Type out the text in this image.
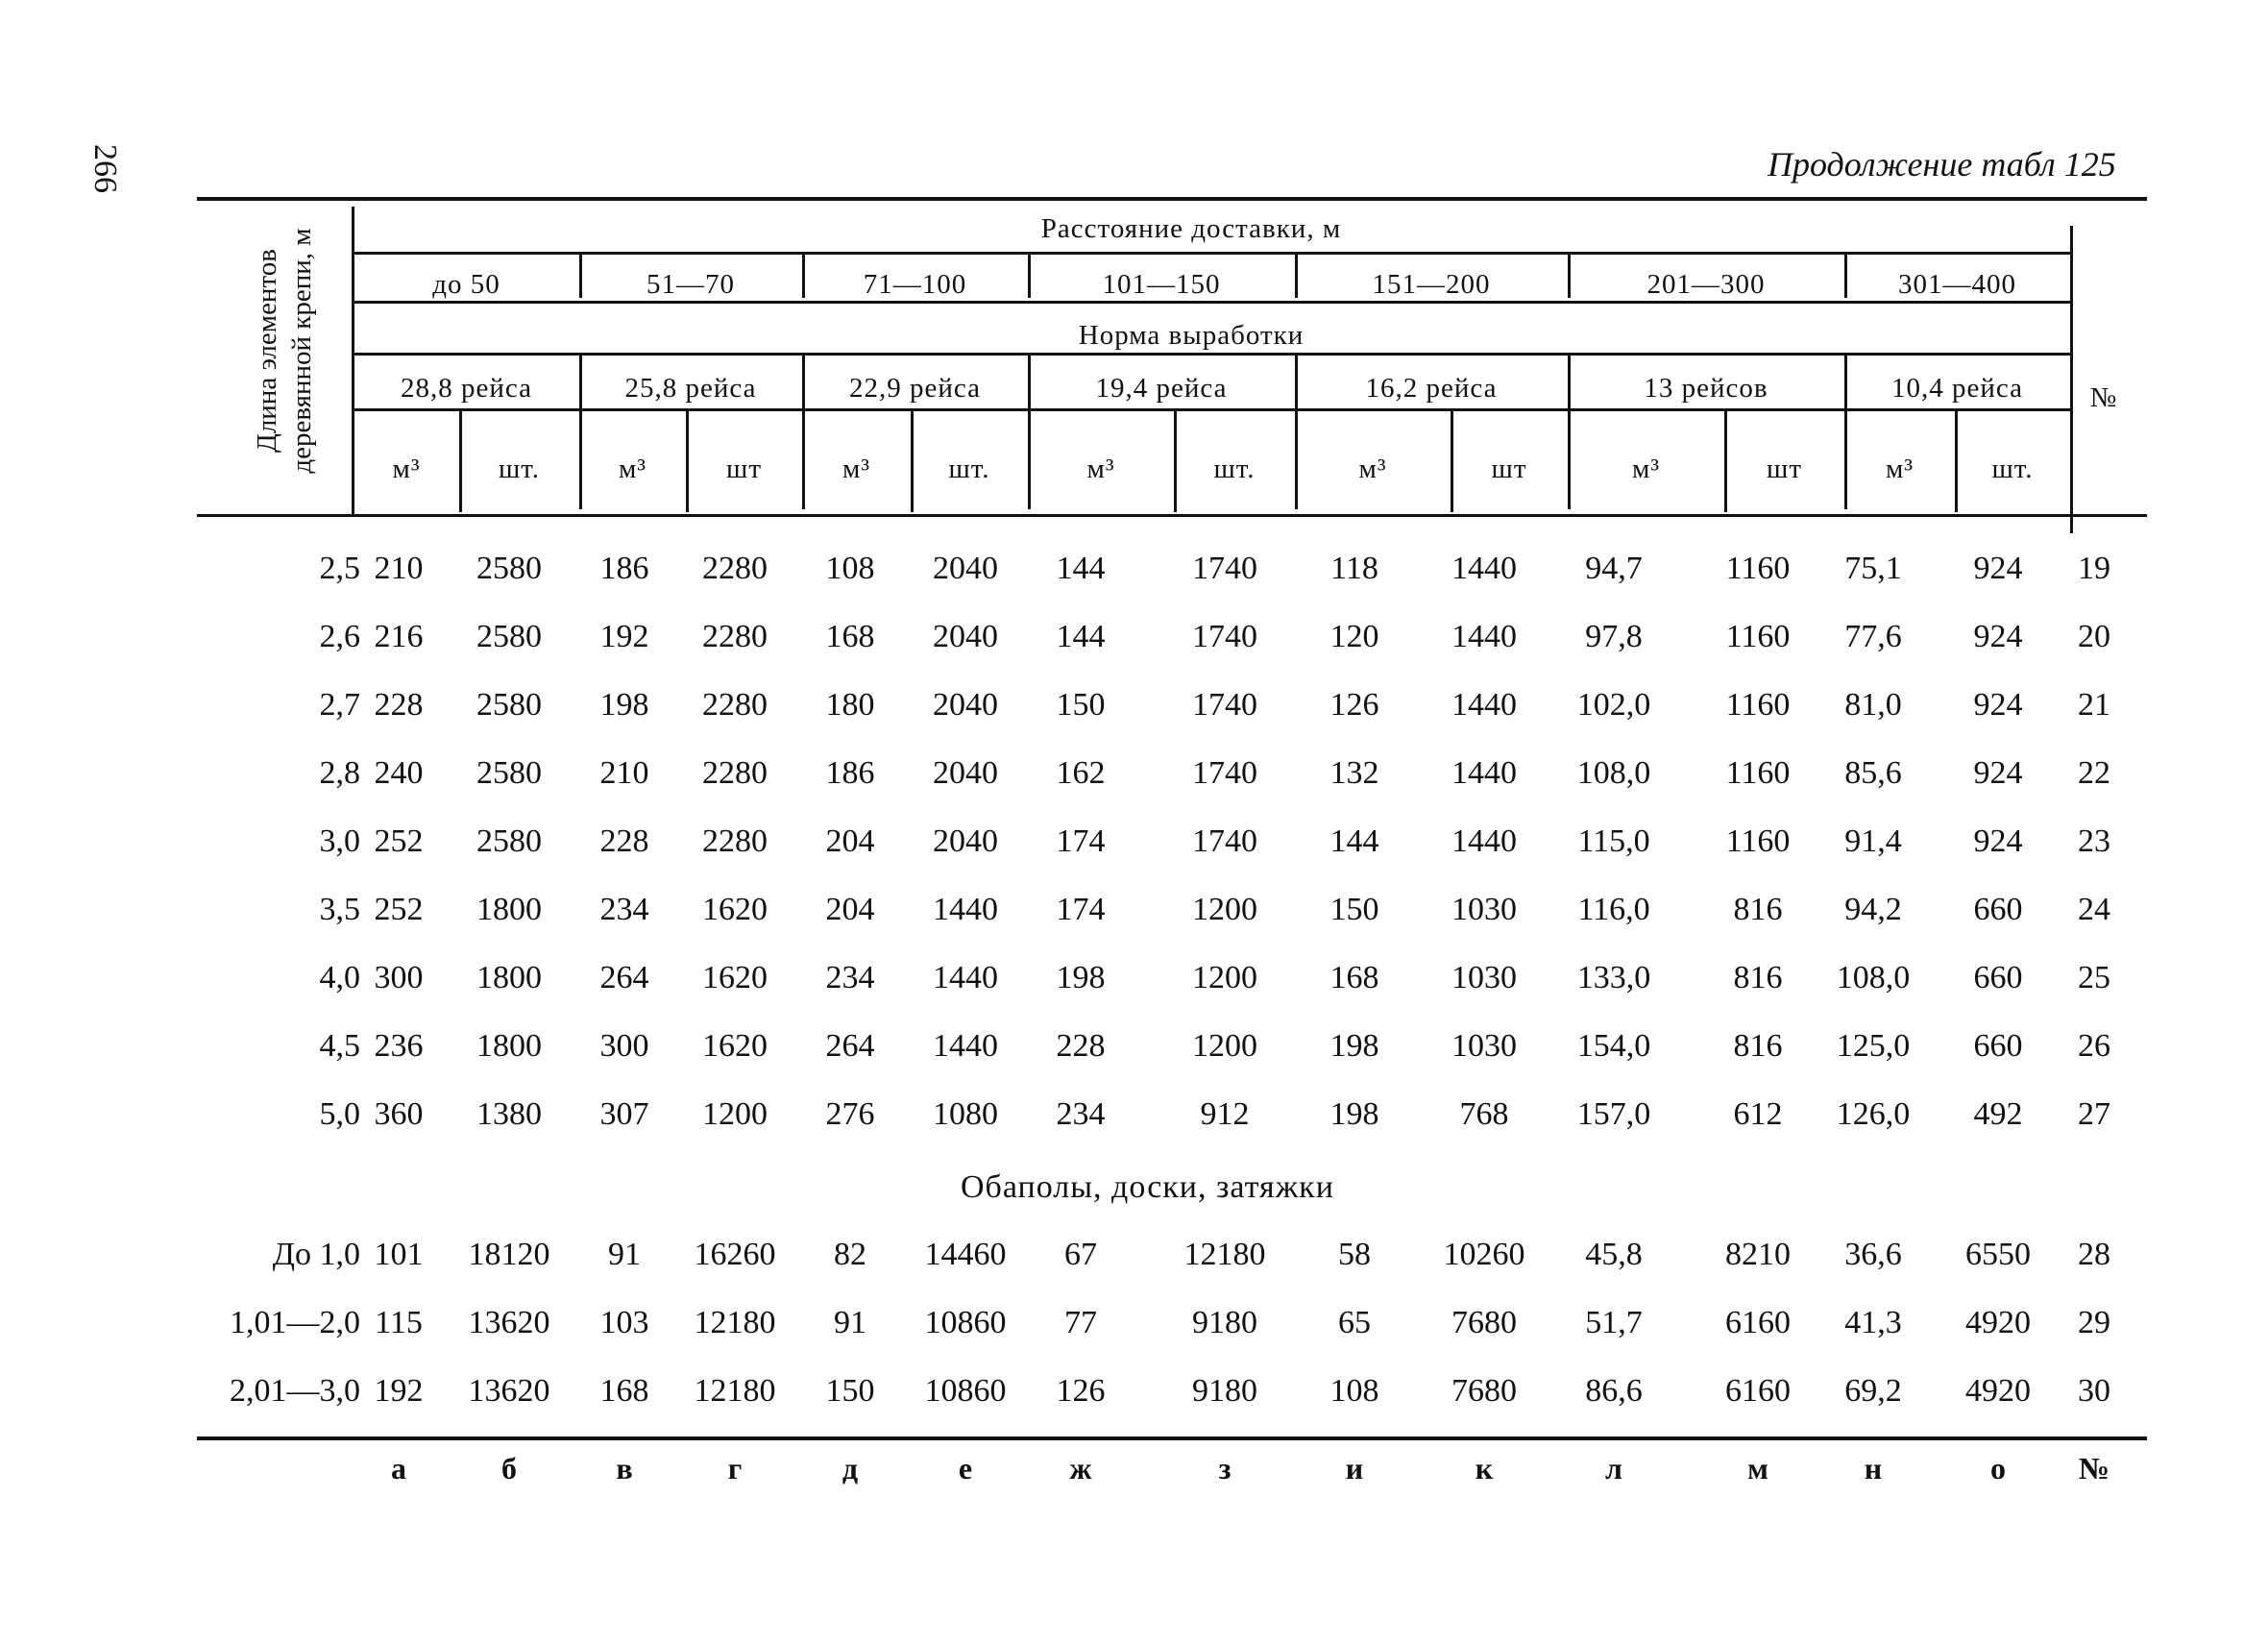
266	Продолжение табл 125
Длина элементов деревянной крепи, м	Расстояние доставки, м
до 50	51—70	71—100	101—150	151—200	201—300	301—400
Норма выработки
28,8 рейса	25,8 рейса	22,9 рейса	19,4 рейса	16,2 рейса	13 рейсов	10,4 рейса
м³	шт.	м³	шт	м³	шт.	м³	шт.	м³	шт	м³	шт	м³	шт.
№
2,5 210	2580	186	2280	108	2040	144	1740	118	1440	94,7	1160	75,1	924	19
2,6 216	2580	192	2280	168	2040	144	1740	120	1440	97,8	1160	77,6	924	20
2,7 228	2580	198	2280	180	2040	150	1740	126	1440	102,0	1160	81,0	924	21
2,8 240	2580	210	2280	186	2040	162	1740	132	1440	108,0	1160	85,6	924	22
3,0 252	2580	228	2280	204	2040	174	1740	144	1440	115,0	1160	91,4	924	23
3,5 252	1800	234	1620	204	1440	174	1200	150	1030	116,0	816	94,2	660	24
4,0 300	1800	264	1620	234	1440	198	1200	168	1030	133,0	816	108,0	660	25
4,5 236	1800	300	1620	264	1440	228	1200	198	1030	154,0	816	125,0	660	26
5,0 360	1380	307	1200	276	1080	234	912	198	768	157,0	612	126,0	492	27
Обаполы, доски, затяжки
До 1,0 101	18120	91	16260	82	14460	67	12180	58	10260	45,8	8210	36,6	6550	28
1,01—2,0 115	13620	103	12180	91	10860	77	9180	65	7680	51,7	6160	41,3	4920	29
2,01—3,0 192	13620	168	12180	150	10860	126	9180	108	7680	86,6	6160	69,2	4920	30
а	б	в	г	д	е	ж	з	и	к	л	м	н	о	№
